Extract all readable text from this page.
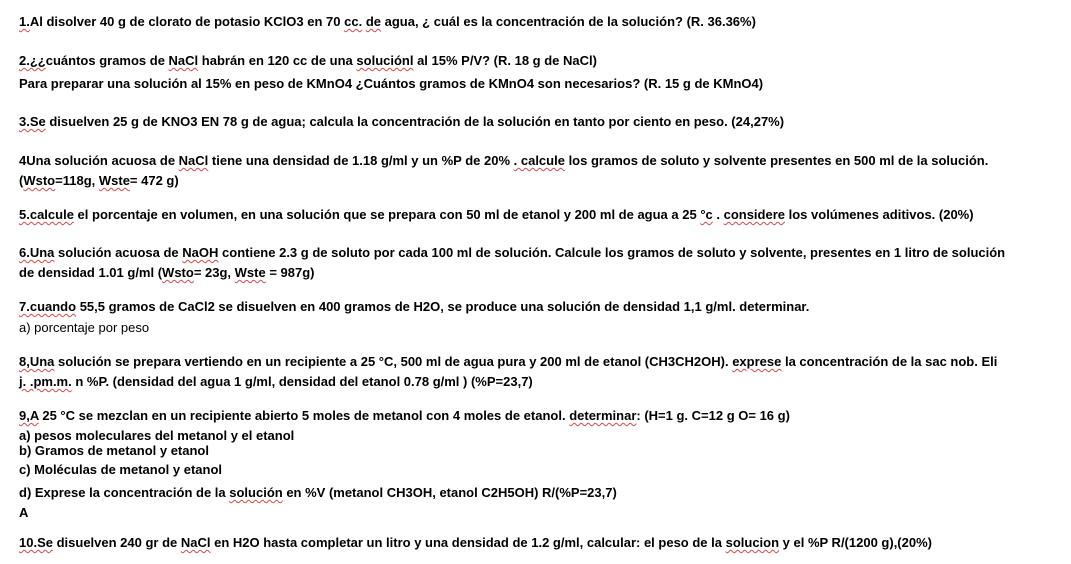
1.Al disolver 40 g de clorato de potasio KClO3 en 70 cc. de agua, ¿ cuál es la concentración de la solución? (R. 36.36%)
2.¿¿cuántos gramos de NaCl habrán en 120 cc de una soluciónl al 15% P/V? (R. 18 g de NaCl)
Para preparar una solución al 15% en peso de KMnO4 ¿Cuántos gramos de KMnO4 son necesarios? (R. 15 g de KMnO4)
3.Se disuelven 25 g de KNO3 EN 78 g de agua; calcula la concentración de la solución en tanto por ciento en peso. (24,27%)
4Una solución acuosa de NaCl tiene una densidad de 1.18 g/ml y un %P de 20% . calcule los gramos de soluto y solvente presentes en 500 ml de la solución.
(Wsto=118g, Wste= 472 g)
5.calcule el porcentaje en volumen, en una solución que se prepara con 50 ml de etanol y 200 ml de agua a 25 °c . considere los volúmenes aditivos. (20%)
6.Una solución acuosa de NaOH contiene 2.3 g de soluto por cada 100 ml de solución. Calcule los gramos de soluto y solvente, presentes en 1 litro de solución
de densidad 1.01 g/ml (Wsto= 23g, Wste = 987g)
7.cuando 55,5 gramos de CaCl2 se disuelven en 400 gramos de H2O, se produce una solución de densidad 1,1 g/ml. determinar.
a) porcentaje por peso
8,Una solución se prepara vertiendo en un recipiente a 25 °C, 500 ml de agua pura y 200 ml de etanol (CH3CH2OH). exprese la concentración de la sac nob. Eli
j. .pm.m. n %P. (densidad del agua 1 g/ml, densidad del etanol 0.78 g/ml ) (%P=23,7)
9,A 25 °C se mezclan en un recipiente abierto 5 moles de metanol con 4 moles de etanol. determinar: (H=1 g. C=12 g O= 16 g)
a) pesos moleculares del metanol y el etanol
b) Gramos de metanol y etanol
c) Moléculas de metanol y etanol
d) Exprese la concentración de la solución en %V (metanol CH3OH, etanol C2H5OH) R/(%P=23,7)
A
10.Se disuelven 240 gr de NaCl en H2O hasta completar un litro y una densidad de 1.2 g/ml, calcular: el peso de la solucion y el %P R/(1200 g),(20%)
